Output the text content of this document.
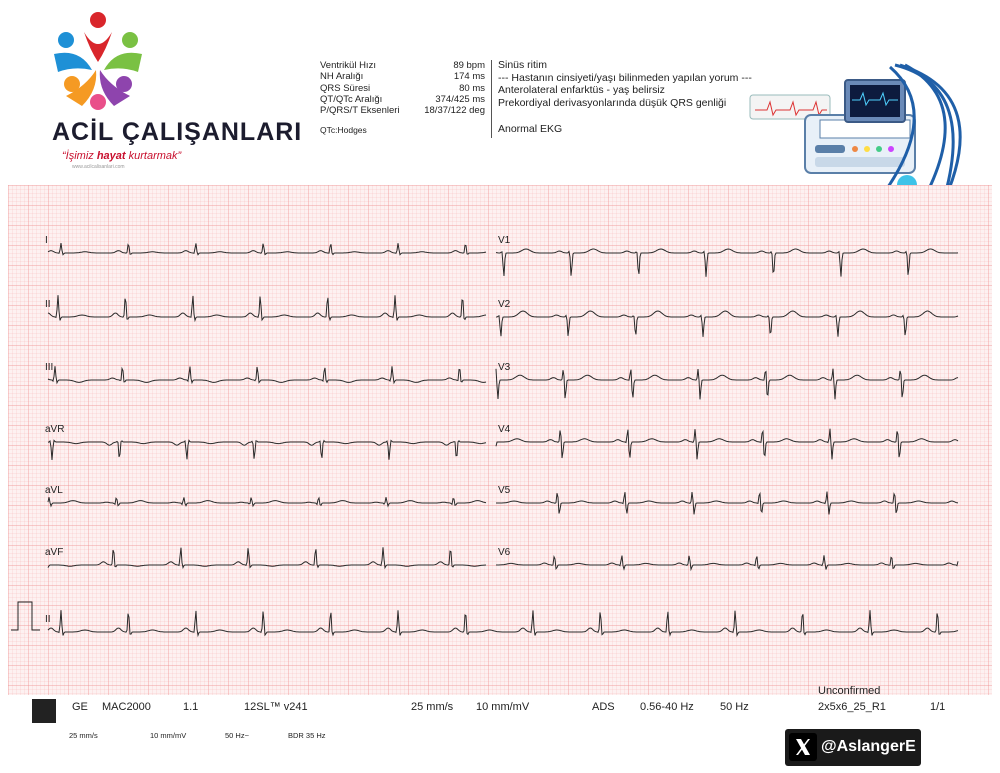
ACİL ÇALIŞANLARI
“İşimiz hayat kurtarmak”
www.acilcalisanlari.com
Ventrikül Hızı	89 bpm
NH Aralığı	174 ms
QRS Süresi	80 ms
QT/QTc Aralığı	374/425 ms
P/QRS/T Eksenleri	18/37/122 deg
QTc:Hodges
Sinüs ritim
--- Hastanın cinsiyeti/yaşı bilinmeden yapılan yorum ---
Anterolateral enfarktüs - yaş belirsiz
Prekordiyal derivasyonlarında düşük QRS genliği
Anormal EKG
I
II
III
aVR
aVL
aVF
V1
V2
V3
V4
V5
V6
II
GE MAC2000	1.1	12SL™ v241	25 mm/s 10 mm/mV	ADS 0.56-40 Hz 50 Hz
Unconfirmed
2x5x6_25_R1	1/1
25 mm/s	10 mm/mV	50 Hz~	BDR 35 Hz
@AslangerE
